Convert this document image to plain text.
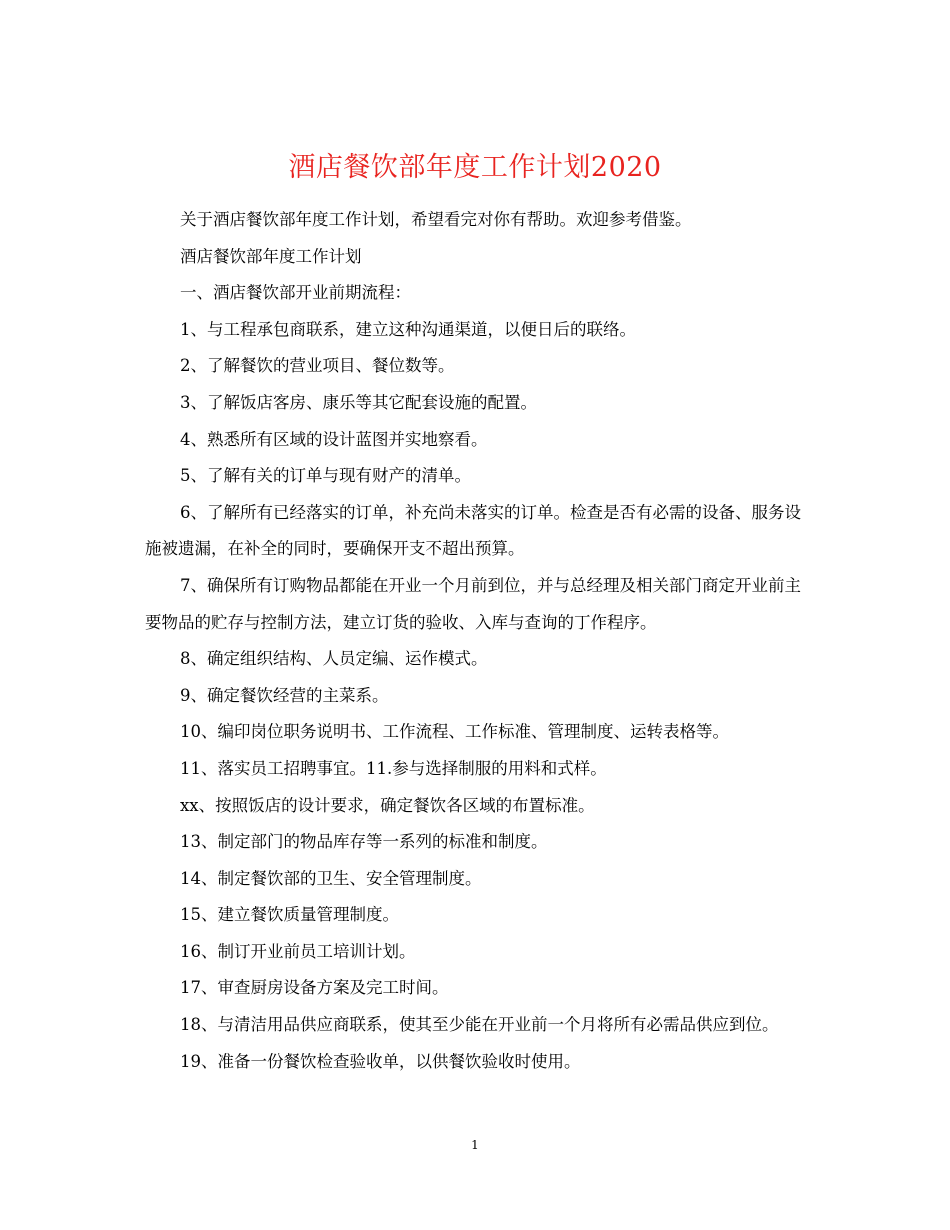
酒店餐饮部年度工作计划2020

关于酒店餐饮部年度工作计划，希望看完对你有帮助。欢迎参考借鉴。

酒店餐饮部年度工作计划

一、酒店餐饮部开业前期流程：

1、与工程承包商联系，建立这种沟通渠道，以便日后的联络。

2、了解餐饮的营业项目、餐位数等。

3、了解饭店客房、康乐等其它配套设施的配置。

4、熟悉所有区域的设计蓝图并实地察看。

5、了解有关的订单与现有财产的清单。

6、了解所有已经落实的订单，补充尚未落实的订单。检查是否有必需的设备、服务设施被遗漏，在补全的同时，要确保开支不超出预算。

7、确保所有订购物品都能在开业一个月前到位，并与总经理及相关部门商定开业前主要物品的贮存与控制方法，建立订货的验收、入库与查询的丁作程序。

8、确定组织结构、人员定编、运作模式。

9、确定餐饮经营的主菜系。

10、编印岗位职务说明书、工作流程、工作标准、管理制度、运转表格等。

11、落实员工招聘事宜。11.参与选择制服的用料和式样。

xx、按照饭店的设计要求，确定餐饮各区域的布置标准。

13、制定部门的物品库存等一系列的标准和制度。

14、制定餐饮部的卫生、安全管理制度。

15、建立餐饮质量管理制度。

16、制订开业前员工培训计划。

17、审查厨房设备方案及完工时间。

18、与清洁用品供应商联系，使其至少能在开业前一个月将所有必需品供应到位。

19、准备一份餐饮检查验收单，以供餐饮验收时使用。

1
